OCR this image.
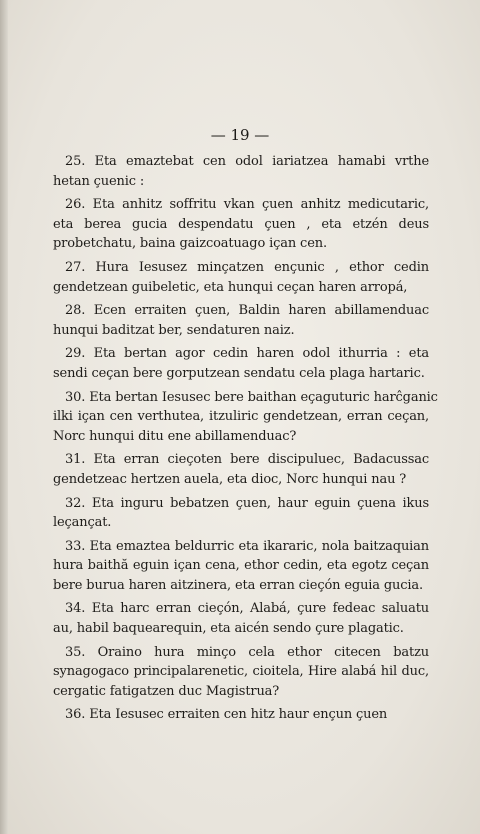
— 19 —
25. Eta emaztebat cen odol iariatzea hamabi vrthe
hetan çuenic :
26. Eta anhitz soffritu vkan çuen anhitz medicutaric,
eta berea gucia despendatu çuen , eta etzén deus
probetchatu, baina gaizcoatuago içan cen.
27. Hura Iesusez minçatzen ençunic , ethor cedin
gendetzean guibeletic, eta hunqui ceçan haren arropá,
28. Ecen erraiten çuen, Baldin haren abillamenduac
hunqui baditzat ber, sendaturen naiz.
29. Eta bertan agor cedin haren odol ithurria : eta
sendi ceçan bere gorputzean sendatu cela plaga hartaric.
30. Eta bertan Iesusec bere baithan eçaguturic harĉganic
ilki içan cen verthutea, itzuliric gendetzean, erran ceçan,
Norc hunqui ditu ene abillamenduac?
31. Eta erran cieçoten bere discipuluec, Badacussac
gendetzeac hertzen auela, eta dioc, Norc hunqui nau ?
32. Eta inguru bebatzen çuen, haur eguin çuena ikus
leçançat.
33. Eta emaztea beldurric eta ikararic, nola baitzaquian
hura baithă eguin içan cena, ethor cedin, eta egotz ceçan
bere burua haren aitzinera, eta erran cieçón eguia gucia.
34. Eta harc erran cieçón, Alabá, çure fedeac saluatu
au, habil baquearequin, eta aicén sendo çure plagatic.
35. Oraino hura minço cela ethor citecen batzu
synagogaco principalarenetic, cioitela, Hire alabá hil duc,
cergatic fatigatzen duc Magistrua?
36. Eta Iesusec erraiten cen hitz haur ençun çuen
